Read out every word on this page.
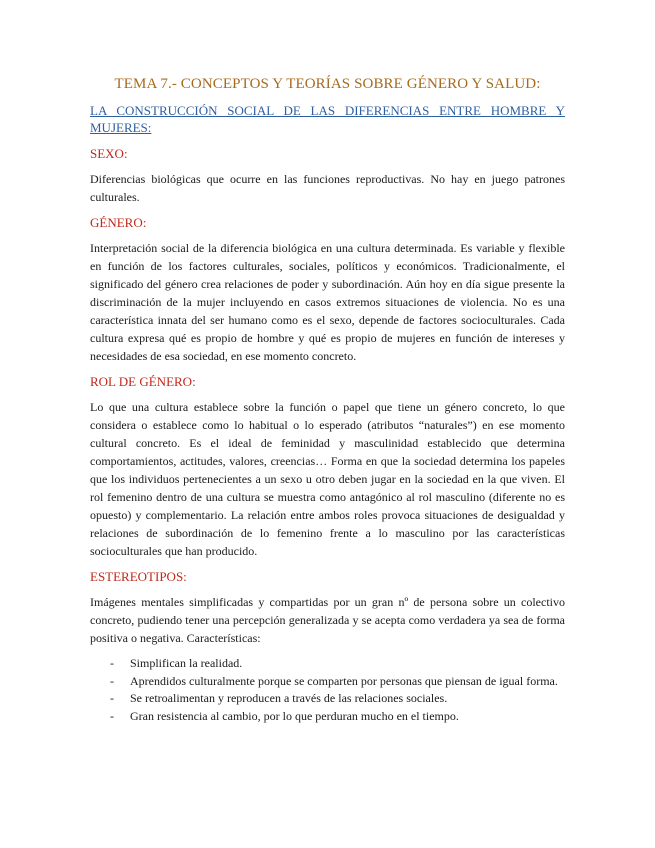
TEMA 7.- CONCEPTOS Y TEORÍAS SOBRE GÉNERO Y SALUD:
LA CONSTRUCCIÓN SOCIAL DE LAS DIFERENCIAS ENTRE HOMBRE Y MUJERES:
SEXO:
Diferencias biológicas que ocurre en las funciones reproductivas. No hay en juego patrones culturales.
GÉNERO:
Interpretación social de la diferencia biológica en una cultura determinada. Es variable y flexible en función de los factores culturales, sociales, políticos y económicos. Tradicionalmente, el significado del género crea relaciones de poder y subordinación. Aún hoy en día sigue presente la discriminación de la mujer incluyendo en casos extremos situaciones de violencia. No es una característica innata del ser humano como es el sexo, depende de factores socioculturales. Cada cultura expresa qué es propio de hombre y qué es propio de mujeres en función de intereses y necesidades de esa sociedad, en ese momento concreto.
ROL DE GÉNERO:
Lo que una cultura establece sobre la función o papel que tiene un género concreto, lo que considera o establece como lo habitual o lo esperado (atributos “naturales”) en ese momento cultural concreto. Es el ideal de feminidad y masculinidad establecido que determina comportamientos, actitudes, valores, creencias… Forma en que la sociedad determina los papeles que los individuos pertenecientes a un sexo u otro deben jugar en la sociedad en la que viven. El rol femenino dentro de una cultura se muestra como antagónico al rol masculino (diferente no es opuesto) y complementario. La relación entre ambos roles provoca situaciones de desigualdad y relaciones de subordinación de lo femenino frente a lo masculino por las características socioculturales que han producido.
ESTEREOTIPOS:
Imágenes mentales simplificadas y compartidas por un gran nº de persona sobre un colectivo concreto, pudiendo tener una percepción generalizada y se acepta como verdadera ya sea de forma positiva o negativa. Características:
- Simplifican la realidad.
- Aprendidos culturalmente porque se comparten por personas que piensan de igual forma.
- Se retroalimentan y reproducen a través de las relaciones sociales.
- Gran resistencia al cambio, por lo que perduran mucho en el tiempo.
